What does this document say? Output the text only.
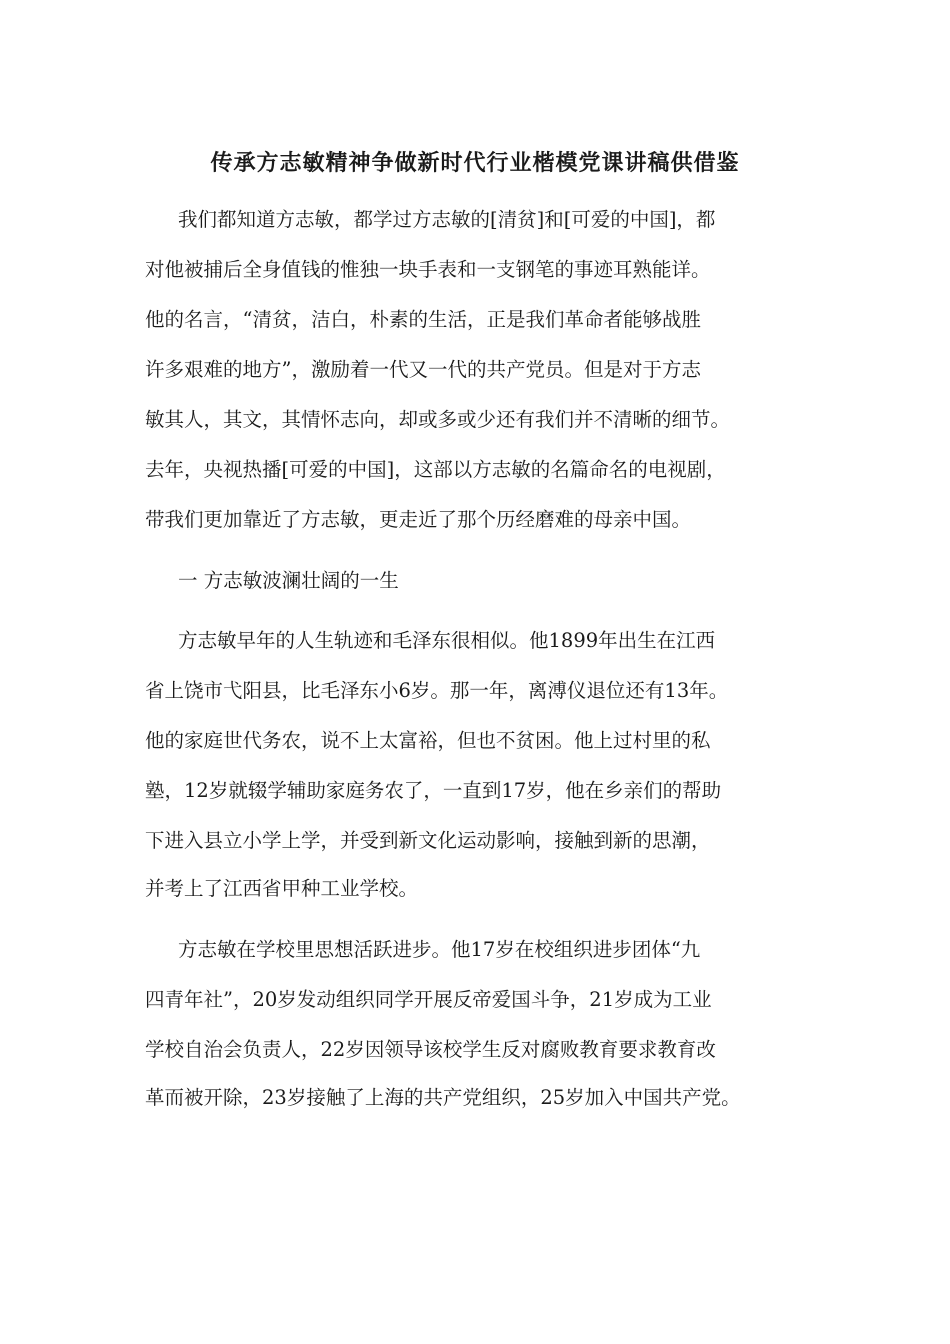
传承方志敏精神争做新时代行业楷模党课讲稿供借鉴

我们都知道方志敏，都学过方志敏的[清贫]和[可爱的中国]，都

对他被捕后全身值钱的惟独一块手表和一支钢笔的事迹耳熟能详。

他的名言，“清贫，洁白，朴素的生活，正是我们革命者能够战胜

许多艰难的地方”，激励着一代又一代的共产党员。但是对于方志

敏其人，其文，其情怀志向，却或多或少还有我们并不清晰的细节。

去年，央视热播[可爱的中国]，这部以方志敏的名篇命名的电视剧，

带我们更加靠近了方志敏，更走近了那个历经磨难的母亲中国。

一 方志敏波澜壮阔的一生

方志敏早年的人生轨迹和毛泽东很相似。他1899年出生在江西

省上饶市弋阳县，比毛泽东小6岁。那一年，离溥仪退位还有13年。

他的家庭世代务农，说不上太富裕，但也不贫困。他上过村里的私

塾，12岁就辍学辅助家庭务农了，一直到17岁，他在乡亲们的帮助

下进入县立小学上学，并受到新文化运动影响，接触到新的思潮，

并考上了江西省甲种工业学校。

方志敏在学校里思想活跃进步。他17岁在校组织进步团体“九

四青年社”，20岁发动组织同学开展反帝爱国斗争，21岁成为工业

学校自治会负责人，22岁因领导该校学生反对腐败教育要求教育改

革而被开除，23岁接触了上海的共产党组织，25岁加入中国共产党。
